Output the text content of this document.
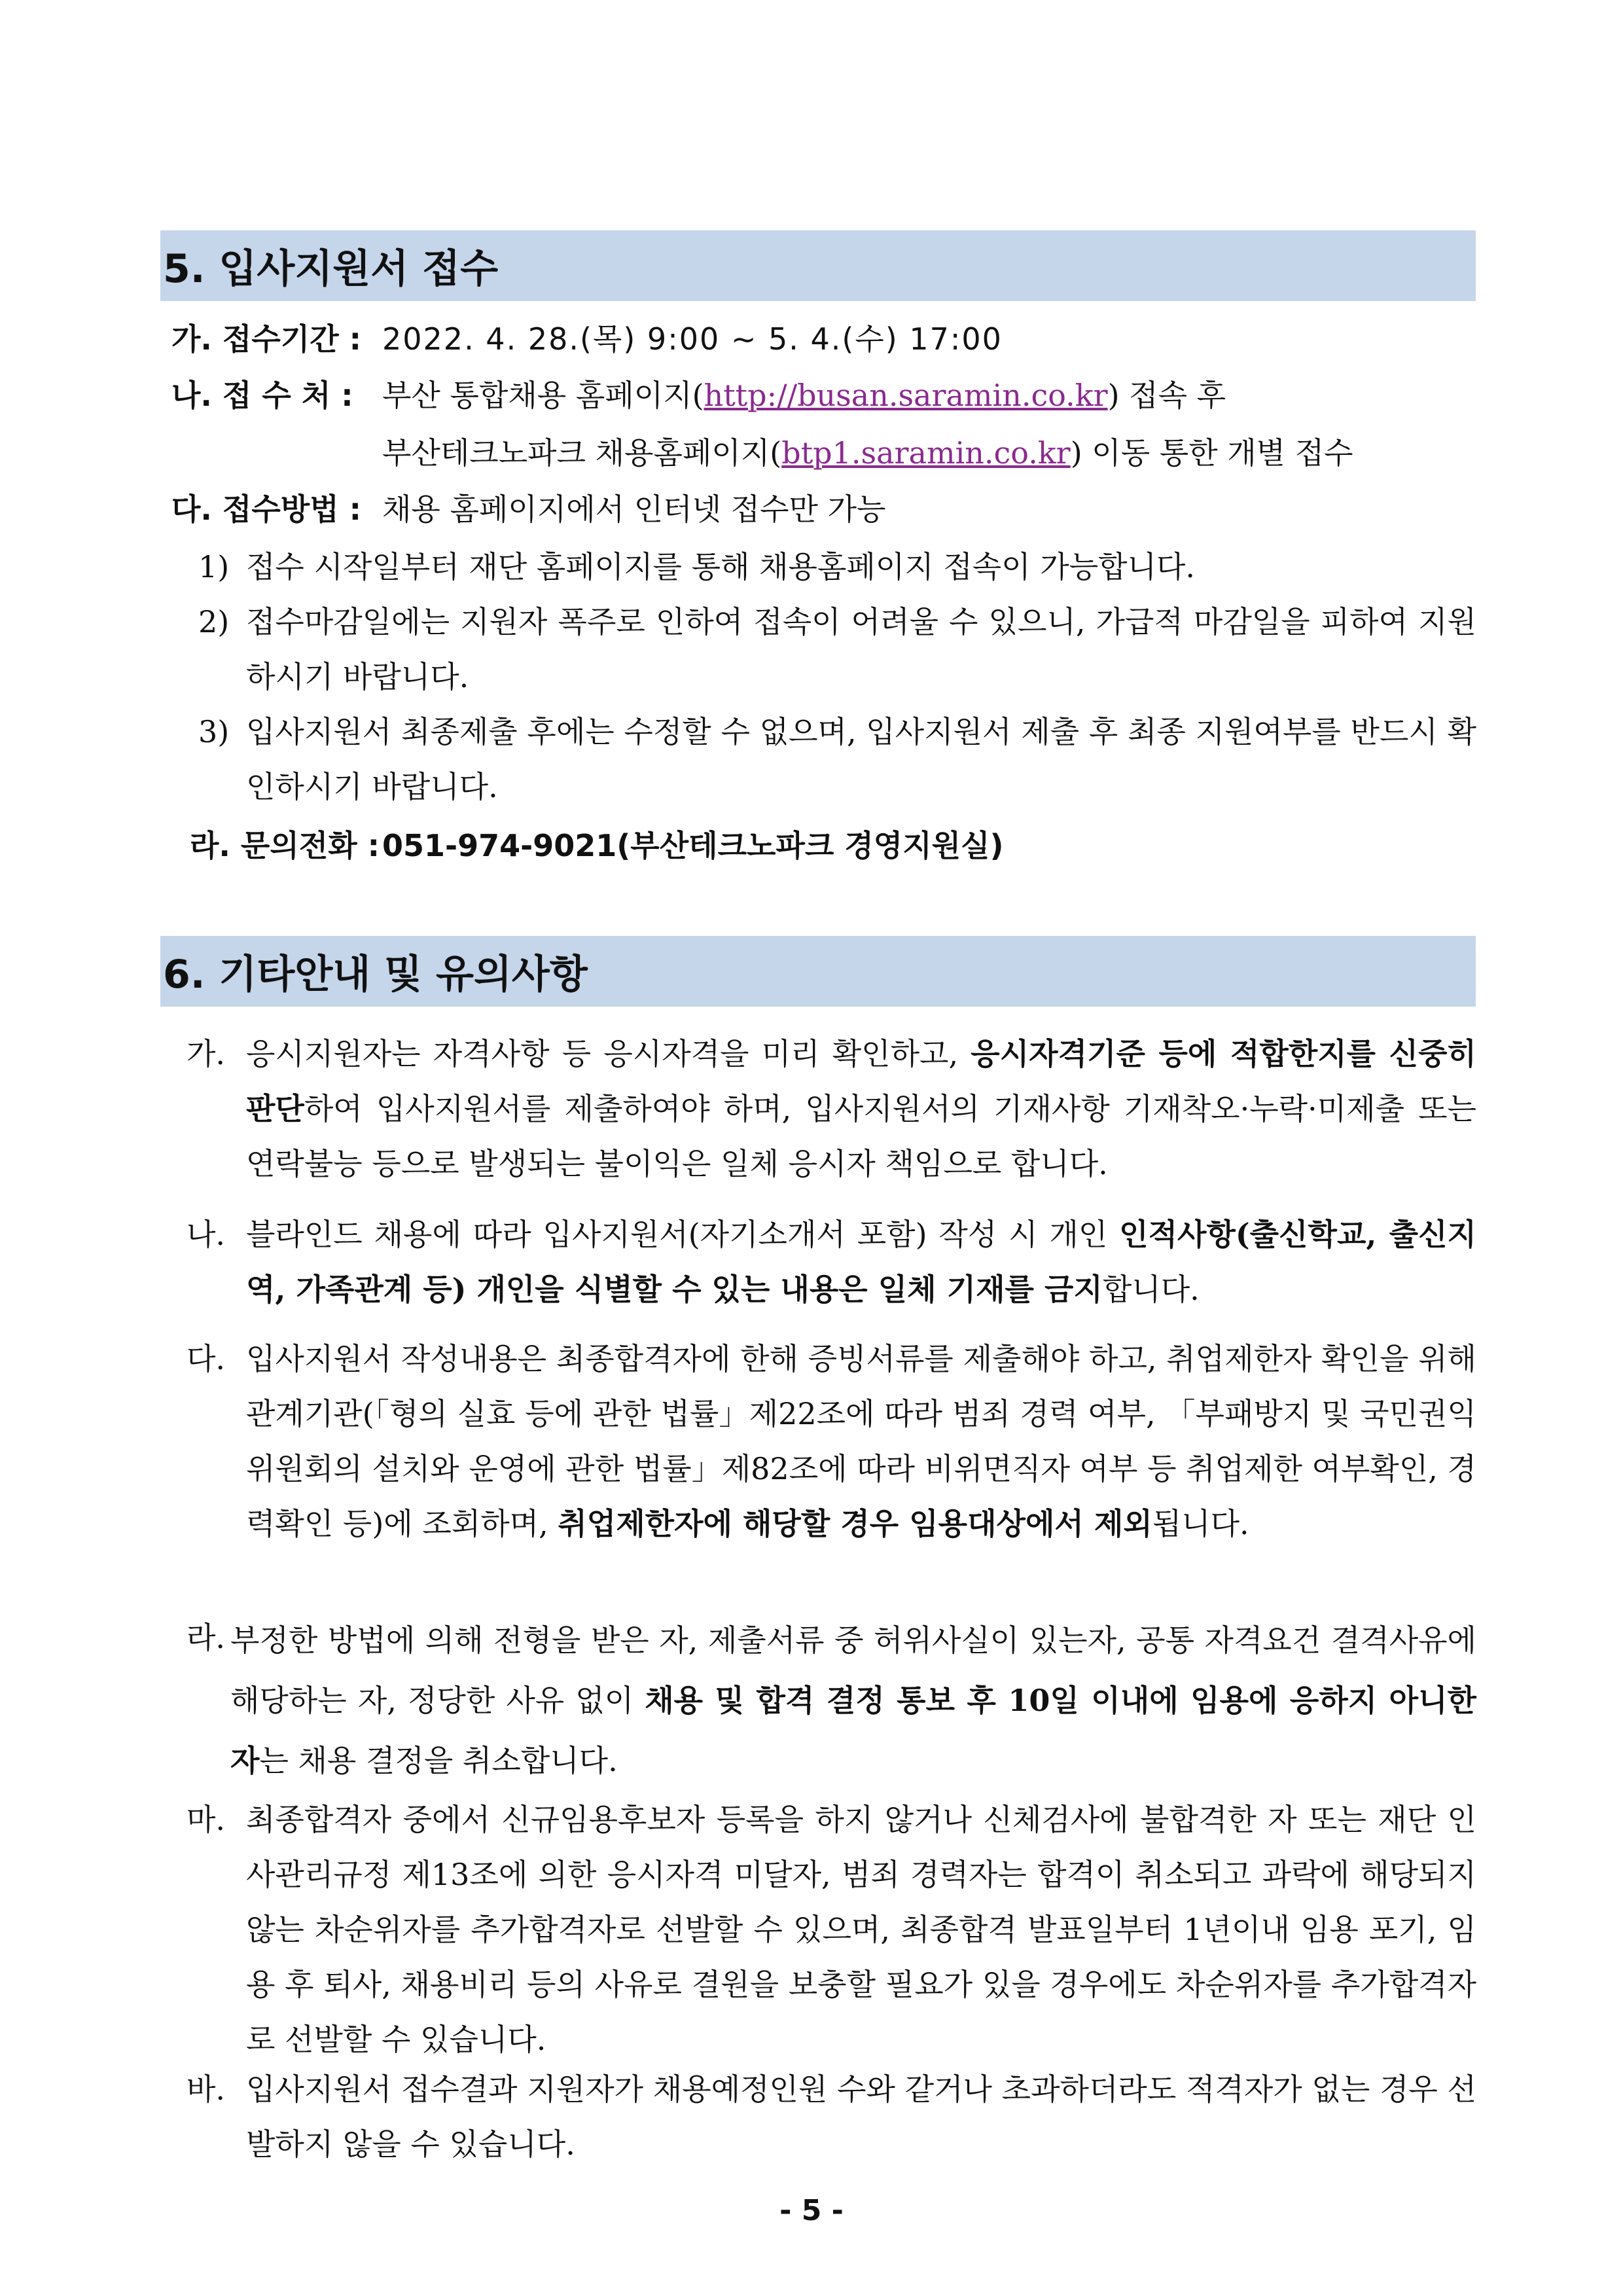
5. 입사지원서 접수
가. 접수기간 : 2022. 4. 28.(목) 9:00 ~ 5. 4.(수) 17:00
나. 접 수 처 : 부산 통합채용 홈페이지(http://busan.saramin.co.kr) 접속 후
부산테크노파크 채용홈페이지(btp1.saramin.co.kr) 이동 통한 개별 접수
다. 접수방법 : 채용 홈페이지에서 인터넷 접수만 가능
1) 접수 시작일부터 재단 홈페이지를 통해 채용홈페이지 접속이 가능합니다.
2) 접수마감일에는 지원자 폭주로 인하여 접속이 어려울 수 있으니, 가급적 마감일을 피하여 지원하시기 바랍니다.
3) 입사지원서 최종제출 후에는 수정할 수 없으며, 입사지원서 제출 후 최종 지원여부를 반드시 확인하시기 바랍니다.
라. 문의전화 :051-974-9021(부산테크노파크 경영지원실)
6. 기타안내 및 유의사항
가. 응시지원자는 자격사항 등 응시자격을 미리 확인하고, 응시자격기준 등에 적합한지를 신중히 판단하여 입사지원서를 제출하여야 하며, 입사지원서의 기재사항 기재착오·누락·미제출 또는 연락불능 등으로 발생되는 불이익은 일체 응시자 책임으로 합니다.
나. 블라인드 채용에 따라 입사지원서(자기소개서 포함) 작성 시 개인 인적사항(출신학교, 출신지역, 가족관계 등) 개인을 식별할 수 있는 내용은 일체 기재를 금지합니다.
다. 입사지원서 작성내용은 최종합격자에 한해 증빙서류를 제출해야 하고, 취업제한자 확인을 위해 관계기관(「형의 실효 등에 관한 법률」제22조에 따라 범죄 경력 여부, 「부패방지 및 국민권익위원회의 설치와 운영에 관한 법률」제82조에 따라 비위면직자 여부 등 취업제한 여부확인, 경력확인 등)에 조회하며, 취업제한자에 해당할 경우 임용대상에서 제외됩니다.
라. 부정한 방법에 의해 전형을 받은 자, 제출서류 중 허위사실이 있는자, 공통 자격요건 결격사유에 해당하는 자, 정당한 사유 없이 채용 및 합격 결정 통보 후 10일 이내에 임용에 응하지 아니한 자는 채용 결정을 취소합니다.
마. 최종합격자 중에서 신규임용후보자 등록을 하지 않거나 신체검사에 불합격한 자 또는 재단 인사관리규정 제13조에 의한 응시자격 미달자, 범죄 경력자는 합격이 취소되고 과락에 해당되지 않는 차순위자를 추가합격자로 선발할 수 있으며, 최종합격 발표일부터 1년이내 임용 포기, 임용 후 퇴사, 채용비리 등의 사유로 결원을 보충할 필요가 있을 경우에도 차순위자를 추가합격자로 선발할 수 있습니다.
바. 입사지원서 접수결과 지원자가 채용예정인원 수와 같거나 초과하더라도 적격자가 없는 경우 선발하지 않을 수 있습니다.
- 5 -
